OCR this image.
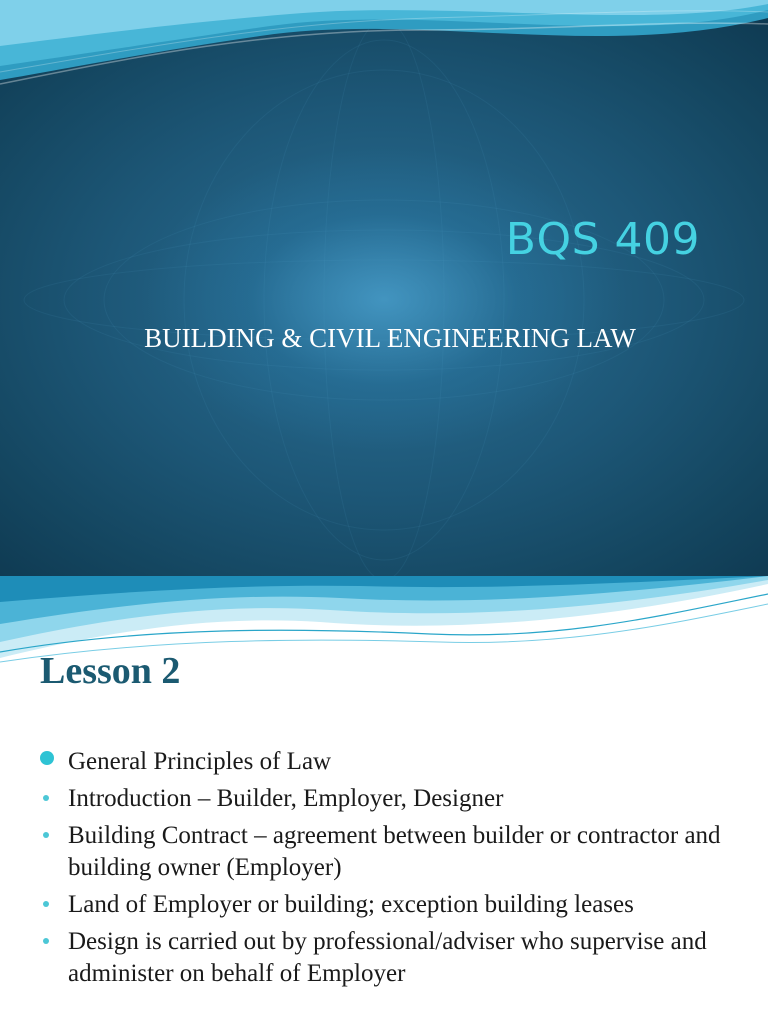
BQS 409

BUILDING & CIVIL ENGINEERING LAW

Lesson 2
General Principles of Law
Introduction – Builder, Employer, Designer
Building Contract – agreement between builder or contractor and building owner (Employer)
Land of Employer or building; exception building leases
Design is carried out by professional/adviser who supervise and administer on behalf of Employer
